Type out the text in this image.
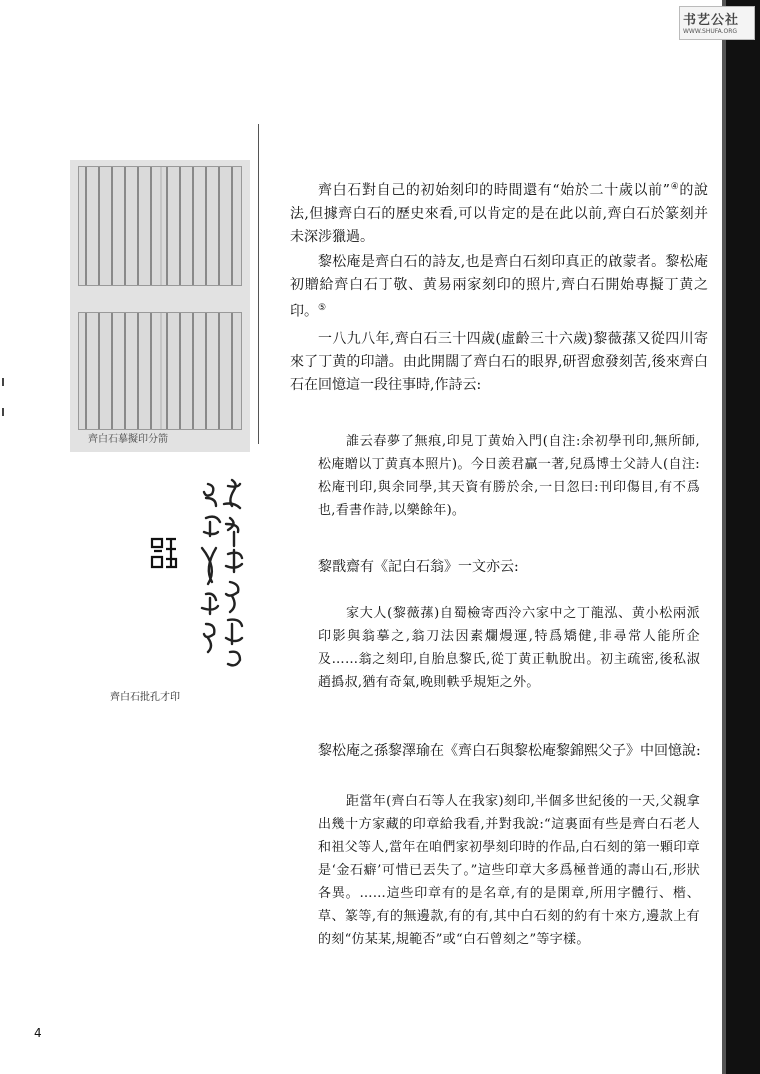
书艺公社
WWW.SHUFA.ORG
齊白石摹擬印分箭
齊白石批孔才印

齊白石對自己的初始刻印的時間還有“始於二十歲以前”④的說法,但據齊白石的歷史來看,可以肯定的是在此以前,齊白石於篆刻并未深涉獵過。

黎松庵是齊白石的詩友,也是齊白石刻印真正的啟蒙者。黎松庵初贈給齊白石丁敬、黄易兩家刻印的照片,齊白石開始專擬丁黄之印。⑤

一八九八年,齊白石三十四歲(虛齡三十六歲)黎薇蓀又從四川寄來了丁黄的印譜。由此開闊了齊白石的眼界,研習愈發刻苦,後來齊白石在回憶這一段往事時,作詩云:

誰云春夢了無痕,印見丁黄始入門(自注:余初學刊印,無所師,松庵贈以丁黄真本照片)。今日羨君贏一著,兒爲博士父詩人(自注:松庵刊印,與余同學,其天資有勝於余,一日忽曰:刊印傷目,有不爲也,看書作詩,以樂餘年)。

黎戬齋有《記白石翁》一文亦云:

家大人(黎薇蓀)自蜀檢寄西泠六家中之丁龍泓、黄小松兩派印影與翁摹之,翁刀法因素爛熳運,特爲矯健,非尋常人能所企及……翁之刻印,自胎息黎氏,從丁黄正軌脫出。初主疏密,後私淑趙撝叔,猶有奇氣,晚則軼乎規矩之外。

黎松庵之孫黎澤瑜在《齊白石與黎松庵黎錦熙父子》中回憶說:

距當年(齊白石等人在我家)刻印,半個多世紀後的一天,父親拿出幾十方家藏的印章給我看,并對我說:“這裏面有些是齊白石老人和祖父等人,當年在咱們家初學刻印時的作品,白石刻的第一顆印章是‘金石癖’可惜已丟失了。”這些印章大多爲極普通的壽山石,形狀各異。……這些印章有的是名章,有的是閑章,所用字體行、楷、草、篆等,有的無邊款,有的有,其中白石刻的約有十來方,邊款上有的刻“仿某某,規範否”或“白石曾刻之”等字樣。

4
